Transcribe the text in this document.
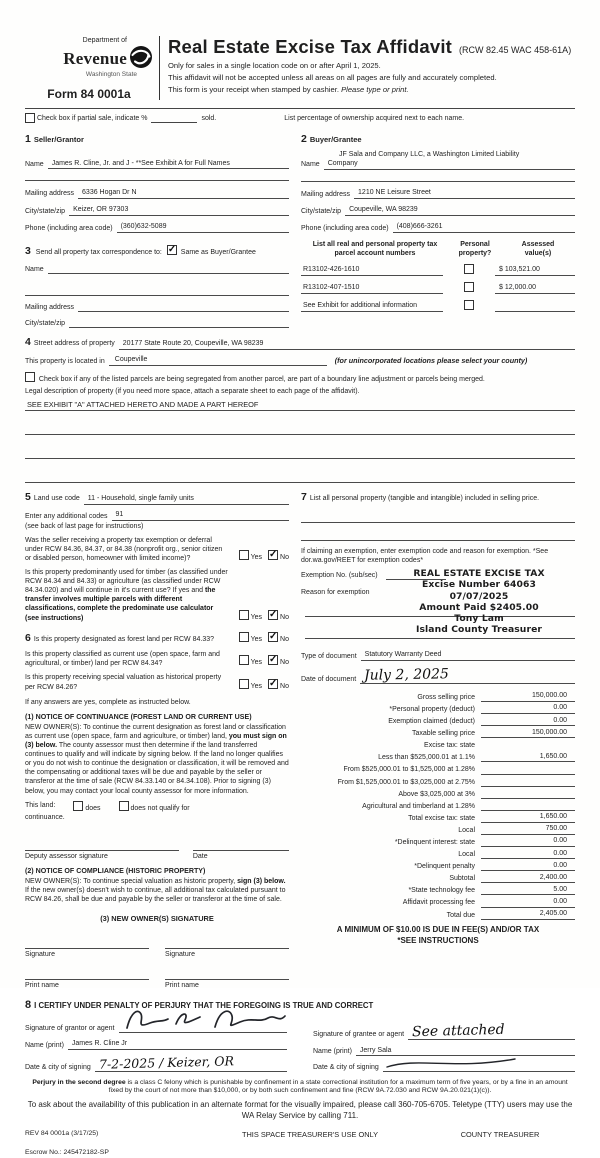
Department of
Revenue
Washington State
Form 84 0001a
Real Estate Excise Tax Affidavit (RCW 82.45 WAC 458-61A)
Only for sales in a single location code on or after April 1, 2025.
This affidavit will not be accepted unless all areas on all pages are fully and accurately completed.
This form is your receipt when stamped by cashier. Please type or print.

Check box if partial sale, indicate %	sold.	List percentage of ownership acquired next to each name.
1 Seller/Grantor
Name	James R. Cline, Jr. and J - **See Exhibit A for Full Names
Mailing address	6336 Hogan Dr N
City/state/zip	Keizer, OR 97303
Phone (including area code)	(360)632-5089
3 Send all property tax correspondence to: ✓	Same as Buyer/Grantee
Name
Mailing address
City/state/zip
2 Buyer/Grantee
JF Sala and Company LLC, a Washington Limited Liability
Name	Company
Mailing address	1210 NE Leisure Street
City/state/zip	Coupeville, WA 98239
Phone (including area code)	(408)666-3261
List all real and personal property tax
parcel account numbers
Personal
property?
Assessed
value(s)
R13102-426-1610	$ 103,521.00
R13102-407-1510	$ 12,000.00
See Exhibit for additional information
4 Street address of property	20177 State Route 20, Coupeville, WA 98239
This property is located in	Coupeville	(for unincorporated locations please select your county)
Check box if any of the listed parcels are being segregated from another parcel, are part of a boundary line adjustment or parcels being merged.
Legal description of property (if you need more space, attach a separate sheet to each page of the affidavit).
SEE EXHIBIT "A" ATTACHED HERETO AND MADE A PART HEREOF
5 Land use code	11 - Household, single family units
Enter any additional codes	91
(see back of last page for instructions)
Was the seller receiving a property tax exemption or deferral under RCW 84.36, 84.37, or 84.38 (nonprofit org., senior citizen or disabled person, homeowner with limited income)?	Yes ✓	No
Is this property predominantly used for timber (as classified under RCW 84.34 and 84.33) or agriculture (as classified under RCW 84.34.020) and will continue in it's current use? If yes and the transfer involves multiple parcels with different classifications, complete the predominate use calculator (see instructions)	Yes ✓	No
6 Is this property designated as forest land per RCW 84.33?	Yes ✓	No
Is this property classified as current use (open space, farm and agricultural, or timber) land per RCW 84.34?	Yes ✓	No
Is this property receiving special valuation as historical property per RCW 84.26?	Yes ✓	No
If any answers are yes, complete as instructed below.
(1) NOTICE OF CONTINUANCE (FOREST LAND OR CURRENT USE)
NEW OWNER(S): To continue the current designation as forest land or classification as current use (open space, farm and agriculture, or timber) land, you must sign on (3) below. The county assessor must then determine if the land transferred continues to qualify and will indicate by signing below. If the land no longer qualifies or you do not wish to continue the designation or classification, it will be removed and the compensating or additional taxes will be due and payable by the seller or transferor at the time of sale (RCW 84.33.140 or 84.34.108). Prior to signing (3) below, you may contact your local county assessor for more information.
This land:	does	does not qualify for
continuance.
Deputy assessor signature	Date
(2) NOTICE OF COMPLIANCE (HISTORIC PROPERTY)
NEW OWNER(S): To continue special valuation as historic property, sign (3) below. If the new owner(s) doesn't wish to continue, all additional tax calculated pursuant to RCW 84.26, shall be due and payable by the seller or transferor at the time of sale.
(3) NEW OWNER(S) SIGNATURE
Signature	Signature
Print name	Print name
7 List all personal property (tangible and intangible) included in selling price.
If claiming an exemption, enter exemption code and reason for exemption. *See dor.wa.gov/REET for exemption codes*
Exemption No. (sub/sec)
Reason for exemption
REAL ESTATE EXCISE TAX
Excise Number 64063
07/07/2025
Amount Paid $2405.00
Tony Lam
Island County Treasurer
Type of document	Statutory Warranty Deed
Date of document July 2, 2025
Gross selling price	150,000.00
*Personal property (deduct)	0.00
Exemption claimed (deduct)	0.00
Taxable selling price	150,000.00
Excise tax: state
Less than $525,000.01 at 1.1%	1,650.00
From $525,000.01 to $1,525,000 at 1.28%
From $1,525,000.01 to $3,025,000 at 2.75%
Above $3,025,000 at 3%
Agricultural and timberland at 1.28%
Total excise tax: state	1,650.00
Local	750.00
*Delinquent interest: state	0.00
Local	0.00
*Delinquent penalty	0.00
Subtotal	2,400.00
*State technology fee	5.00
Affidavit processing fee	0.00
Total due	2,405.00
A MINIMUM OF $10.00 IS DUE IN FEE(S) AND/OR TAX
*SEE INSTRUCTIONS
8 I CERTIFY UNDER PENALTY OF PERJURY THAT THE FOREGOING IS TRUE AND CORRECT
Signature of grantor or agent
Name (print)	James R. Cline Jr
Date & city of signing 7-2-2025 / Keizer, OR
Signature of grantee or agent See attached
Name (print)	Jerry Sala
Date & city of signing
Perjury in the second degree is a class C felony which is punishable by confinement in a state correctional institution for a maximum term of five years, or by a fine in an amount fixed by the court of not more than $10,000, or by both such confinement and fine (RCW 9A.72.030 and RCW 9A.20.021(1)(c)).
To ask about the availability of this publication in an alternate format for the visually impaired, please call 360-705-6705. Teletype (TTY) users may use the WA Relay Service by calling 711.
REV 84 0001a (3/17/25)	THIS SPACE TREASURER'S USE ONLY	COUNTY TREASURER
Escrow No.: 245472182-SP
